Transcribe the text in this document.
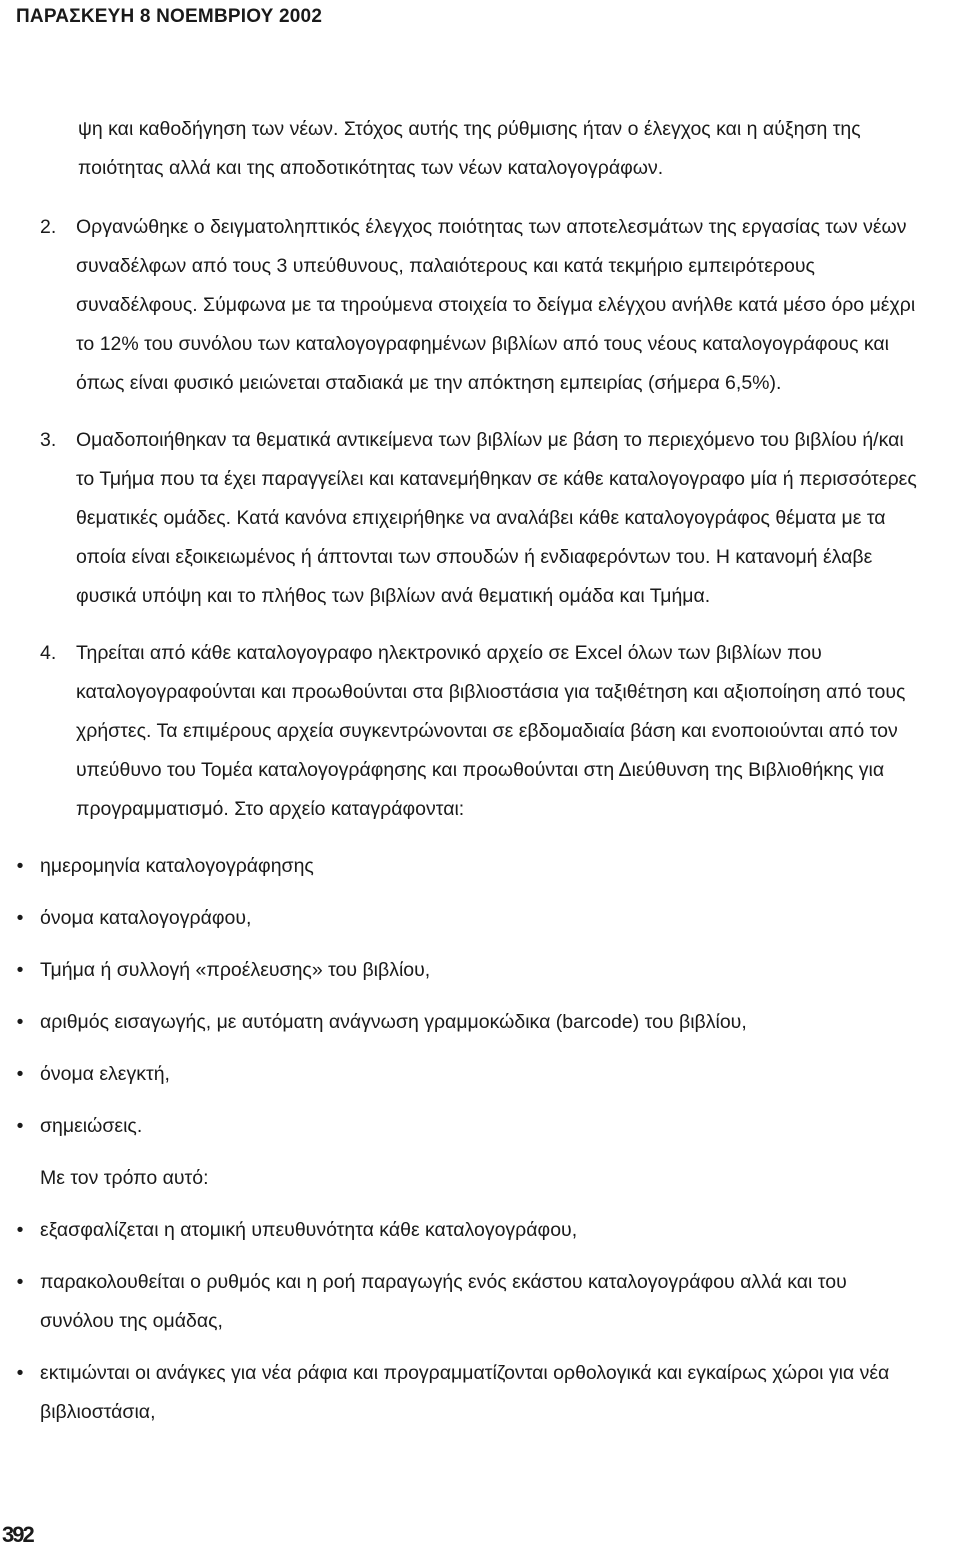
ΠΑΡΑΣΚΕΥΗ 8 ΝΟΕΜΒΡΙΟΥ 2002

ψη και καθοδήγηση των νέων. Στόχος αυτής της ρύθμισης ήταν ο έλεγχος και η αύξηση της ποιότητας αλλά και της αποδοτικότητας των νέων καταλογογράφων.

2.	Οργανώθηκε ο δειγματοληπτικός έλεγχος ποιότητας των αποτελεσμάτων της εργασίας των νέων συναδέλφων από τους 3 υπεύθυνους, παλαιότερους και κατά τεκμήριο εμπειρότερους συναδέλφους. Σύμφωνα με τα τηρούμενα στοιχεία το δείγμα ελέγχου ανήλθε κατά μέσο όρο μέχρι το 12% του συνόλου των καταλογογραφημένων βιβλίων από τους νέους καταλογογράφους και όπως είναι φυσικό μειώνεται σταδιακά με την απόκτηση εμπειρίας (σήμερα 6,5%).

3.	Ομαδοποιήθηκαν τα θεματικά αντικείμενα των βιβλίων με βάση το περιεχόμενο του βιβλίου ή/και το Τμήμα που τα έχει παραγγείλει και κατανεμήθηκαν σε κάθε καταλογογραφο μία ή περισσότερες θεματικές ομάδες. Κατά κανόνα επιχειρήθηκε να αναλάβει κάθε καταλογογράφος θέματα με τα οποία είναι εξοικειωμένος ή άπτονται των σπουδών ή ενδιαφερόντων του. Η κατανομή έλαβε φυσικά υπόψη και το πλήθος των βιβλίων ανά θεματική ομάδα και Τμήμα.

4.	Τηρείται από κάθε καταλογογραφο ηλεκτρονικό αρχείο σε Excel όλων των βιβλίων που καταλογογραφούνται και προωθούνται στα βιβλιοστάσια για ταξιθέτηση και αξιοποίηση από τους χρήστες. Τα επιμέρους αρχεία συγκεντρώνονται σε εβδομαδιαία βάση και ενοποιούνται από τον υπεύθυνο του Τομέα καταλογογράφησης και προωθούνται στη Διεύθυνση της Βιβλιοθήκης για προγραμματισμό. Στο αρχείο καταγράφονται:

• ημερομηνία καταλογογράφησης
• όνομα καταλογογράφου,
• Τμήμα ή συλλογή «προέλευσης» του βιβλίου,
• αριθμός εισαγωγής, με αυτόματη ανάγνωση γραμμοκώδικα (barcode) του βιβλίου,
• όνομα ελεγκτή,
• σημειώσεις.

Με τον τρόπο αυτό:

• εξασφαλίζεται η ατομική υπευθυνότητα κάθε καταλογογράφου,
• παρακολουθείται ο ρυθμός και η ροή παραγωγής ενός εκάστου καταλογογράφου αλλά και του συνόλου της ομάδας,
• εκτιμώνται οι ανάγκες για νέα ράφια και προγραμματίζονται ορθολογικά και εγκαίρως χώροι για νέα βιβλιοστάσια,
392
